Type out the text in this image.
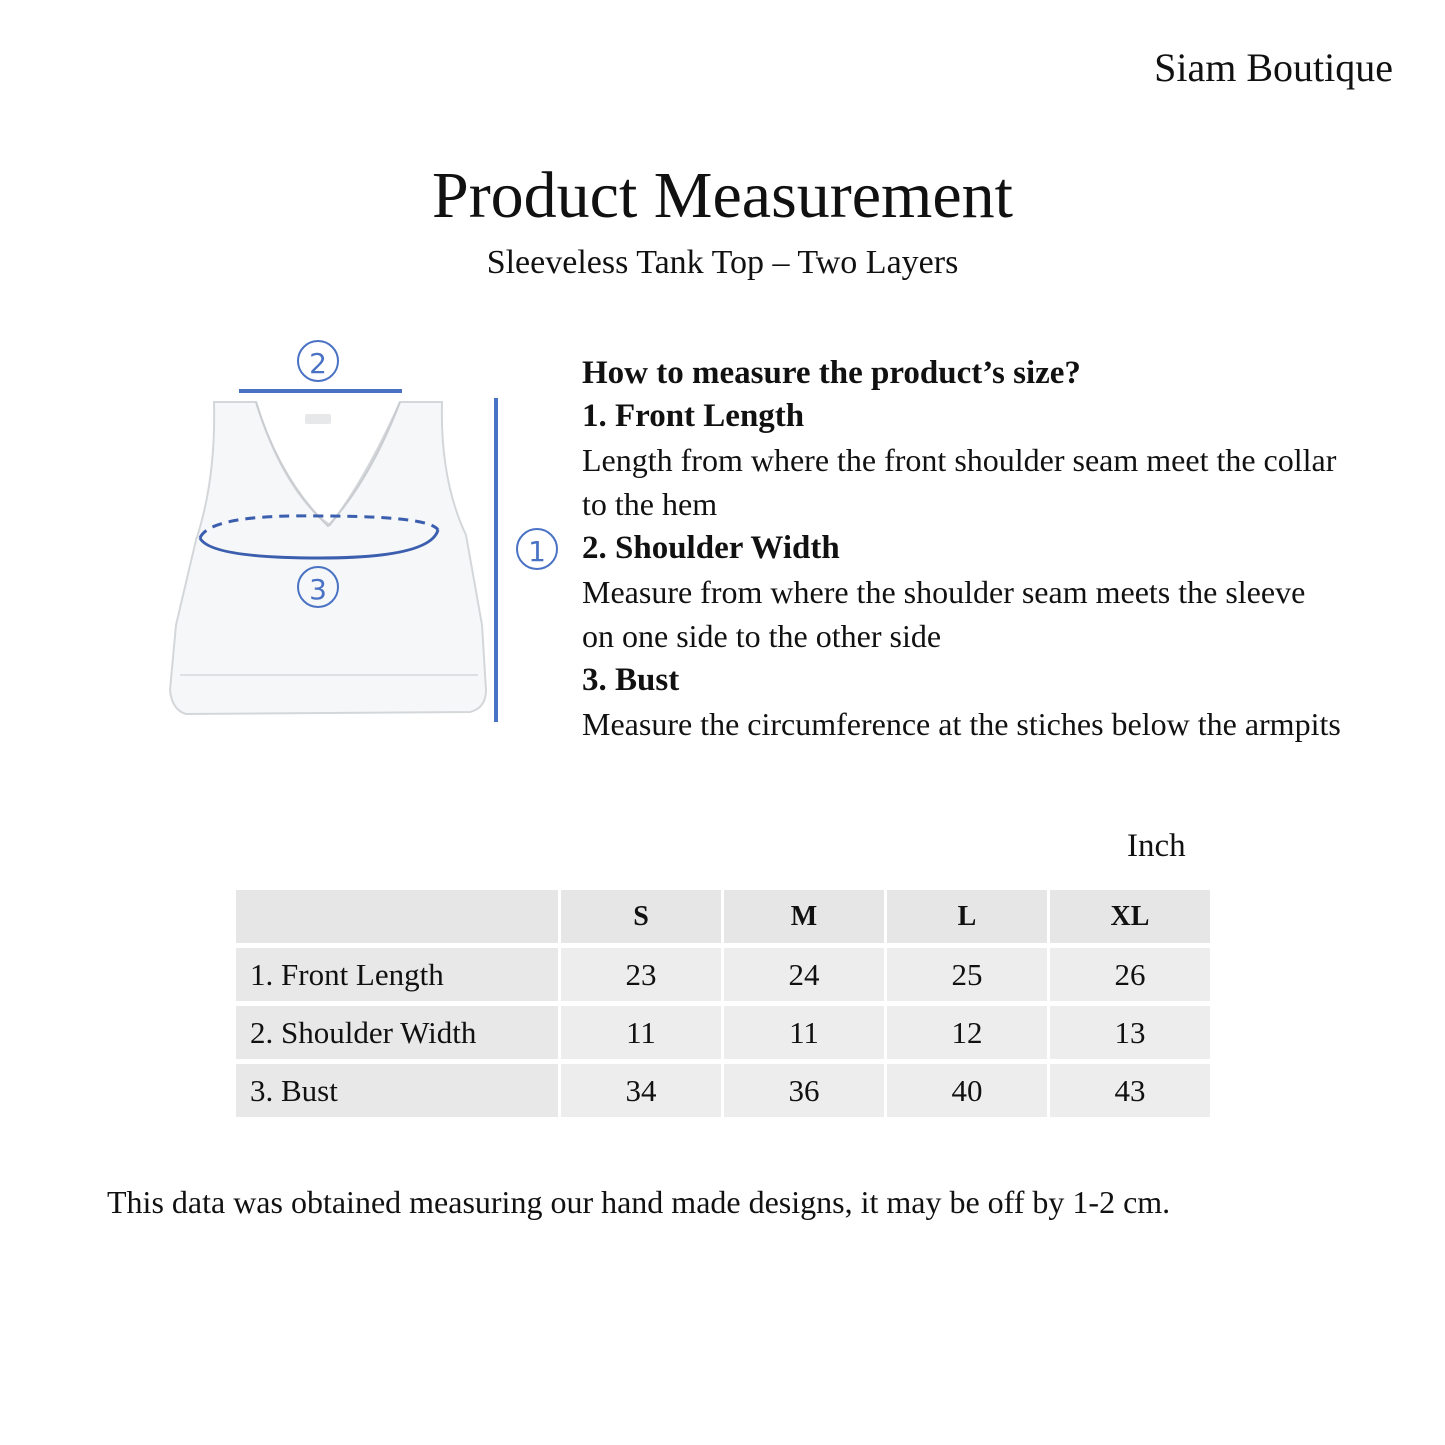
Siam Boutique
Product Measurement
Sleeveless Tank Top – Two Layers
2
3
1
How to measure the product’s size?
1. Front Length
Length from where the front shoulder seam meet the collar to the hem
2. Shoulder Width
Measure from where the shoulder seam meets the sleeve on one side to the other side
3. Bust
Measure the circumference at the stiches below the armpits
Inch
	S	M	L	XL
1. Front Length	23	24	25	26
2. Shoulder Width	11	11	12	13
3. Bust	34	36	40	43
This data was obtained measuring our hand made designs, it may be off by 1-2 cm.
